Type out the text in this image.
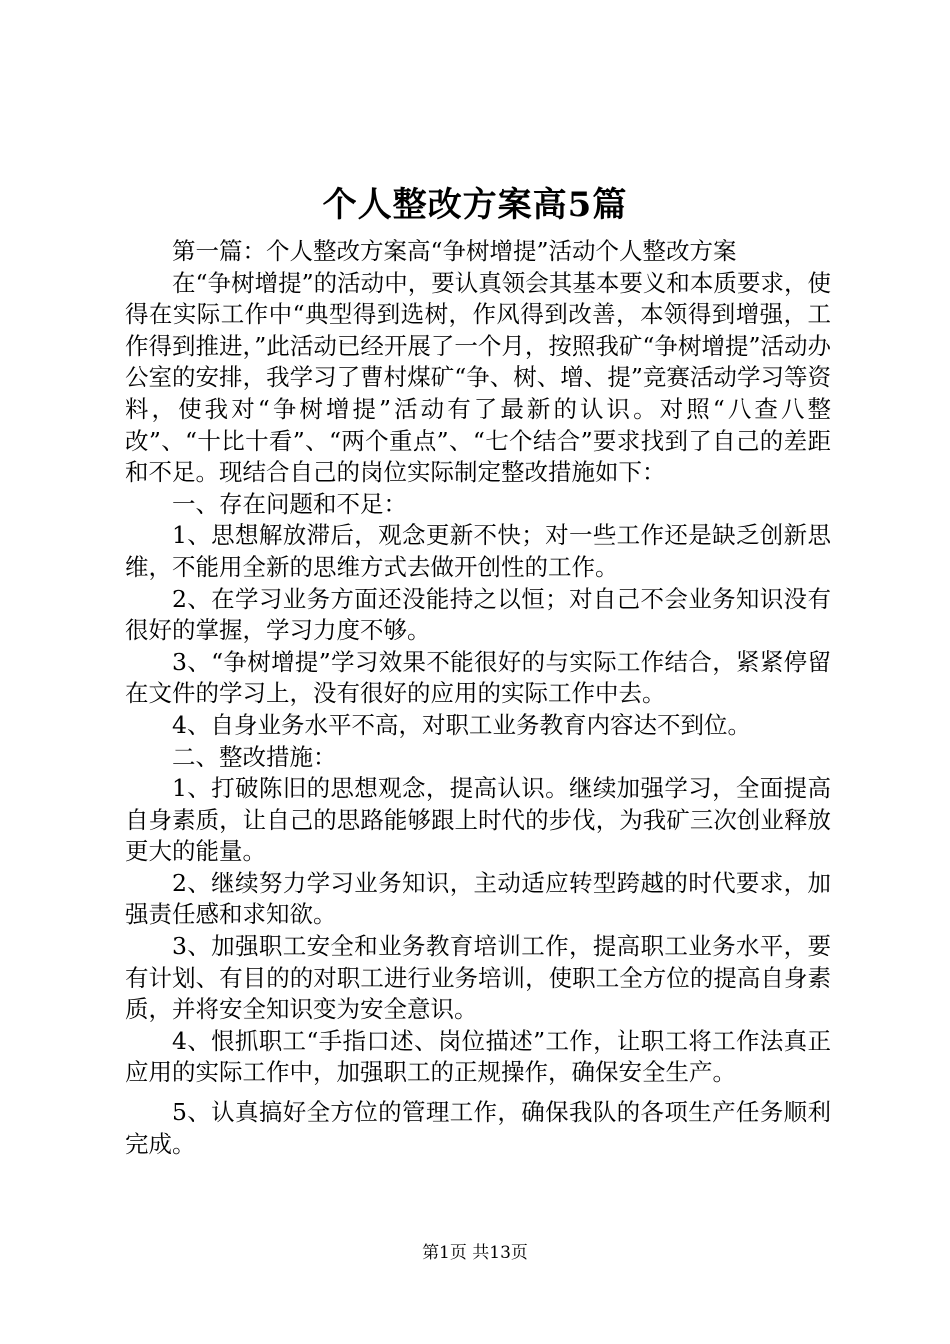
个人整改方案高5篇

第一篇：个人整改方案高“争树增提”活动个人整改方案

在“争树增提”的活动中，要认真领会其基本要义和本质要求，使得在实际工作中“典型得到选树，作风得到改善，本领得到增强，工作得到推进，”此活动已经开展了一个月，按照我矿“争树增提”活动办公室的安排，我学习了曹村煤矿“争、树、增、提”竞赛活动学习等资料，使我对“争树增提”活动有了最新的认识。对照“八查八整改”、“十比十看”、“两个重点”、“七个结合”要求找到了自己的差距和不足。现结合自己的岗位实际制定整改措施如下：

一、存在问题和不足：

1、思想解放滞后，观念更新不快；对一些工作还是缺乏创新思维，不能用全新的思维方式去做开创性的工作。

2、在学习业务方面还没能持之以恒；对自己不会业务知识没有很好的掌握，学习力度不够。

3、“争树增提”学习效果不能很好的与实际工作结合，紧紧停留在文件的学习上，没有很好的应用的实际工作中去。

4、自身业务水平不高，对职工业务教育内容达不到位。

二、整改措施：

1、打破陈旧的思想观念，提高认识。继续加强学习，全面提高自身素质，让自己的思路能够跟上时代的步伐，为我矿三次创业释放更大的能量。

2、继续努力学习业务知识，主动适应转型跨越的时代要求，加强责任感和求知欲。

3、加强职工安全和业务教育培训工作，提高职工业务水平，要有计划、有目的的对职工进行业务培训，使职工全方位的提高自身素质，并将安全知识变为安全意识。

4、恨抓职工“手指口述、岗位描述”工作，让职工将工作法真正应用的实际工作中，加强职工的正规操作，确保安全生产。

5、认真搞好全方位的管理工作，确保我队的各项生产任务顺利完成。

第1页 共13页
